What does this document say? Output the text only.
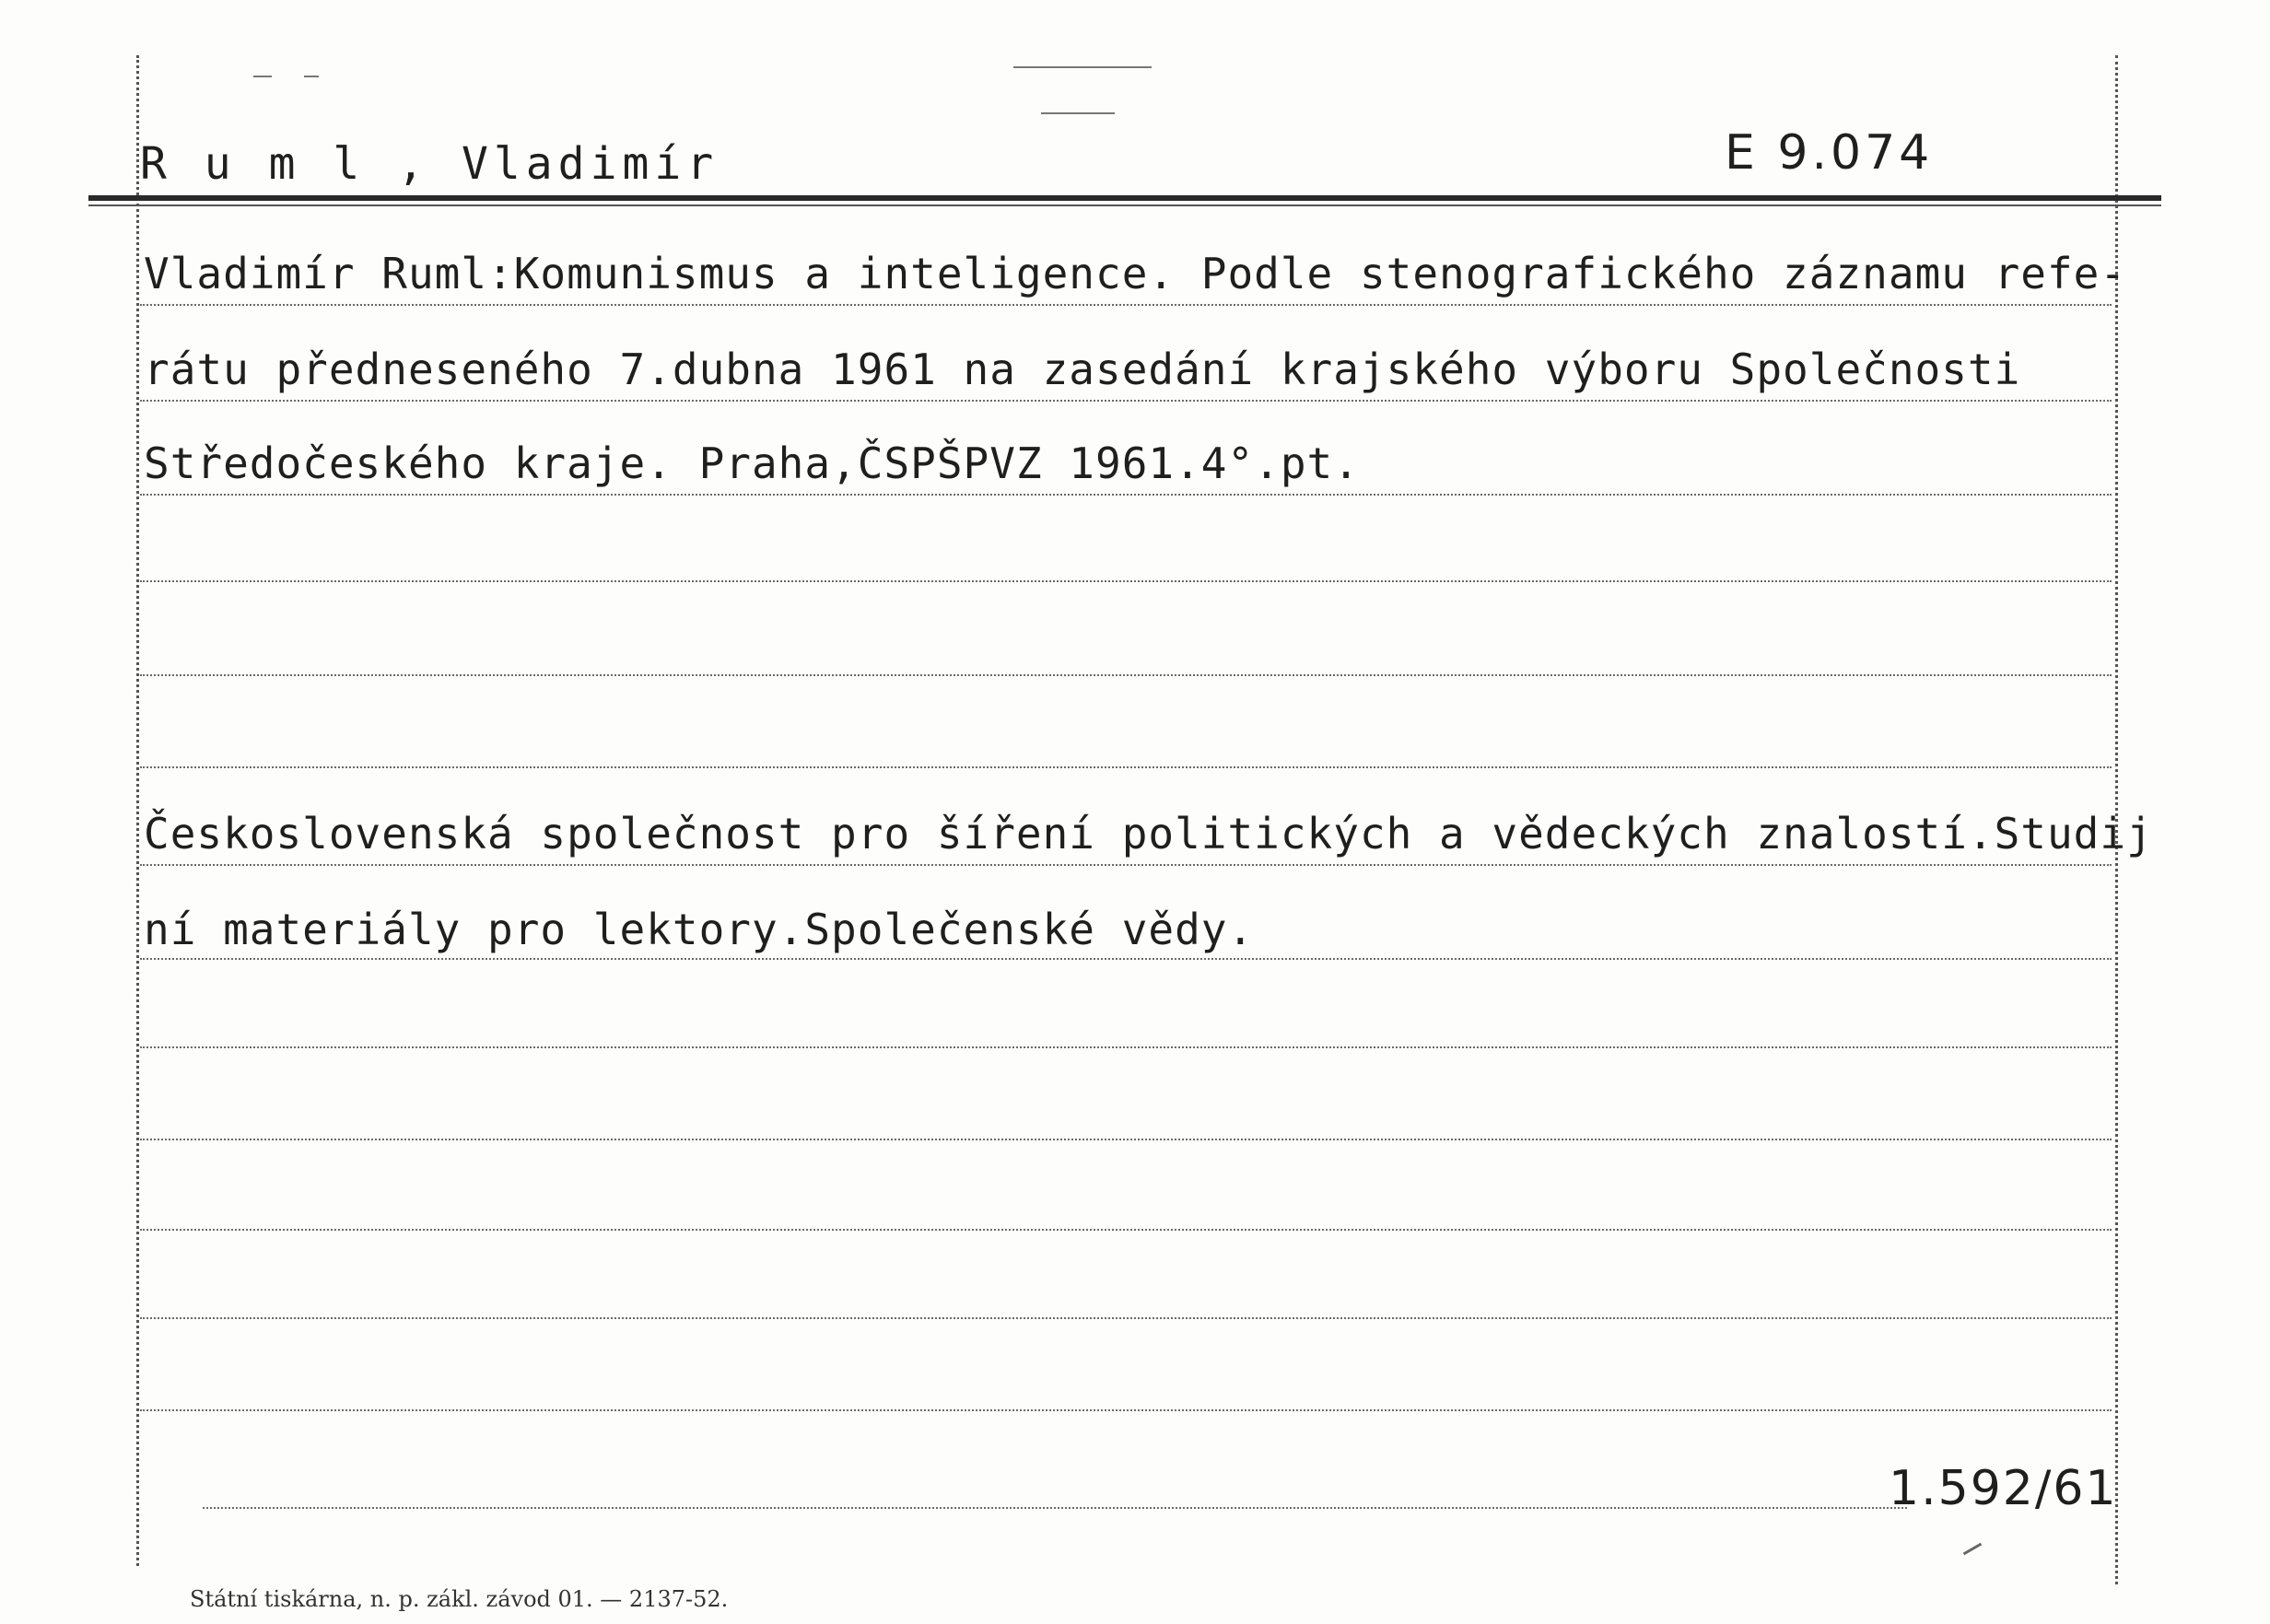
R u m l , Vladimír	E 9.074
Vladimír Ruml:Komunismus a inteligence. Podle stenografického záznamu refe-
rátu předneseného 7.dubna 1961 na zasedání krajského výboru Společnosti
Středočeského kraje. Praha,ČSPŠPVZ 1961.4°.pt.
Československá společnost pro šíření politických a vědeckých znalostí.Studij
ní materiály pro lektory.Společenské vědy.
1.592/61
Státní tiskárna, n. p. zákl. závod 01. — 2137-52.
